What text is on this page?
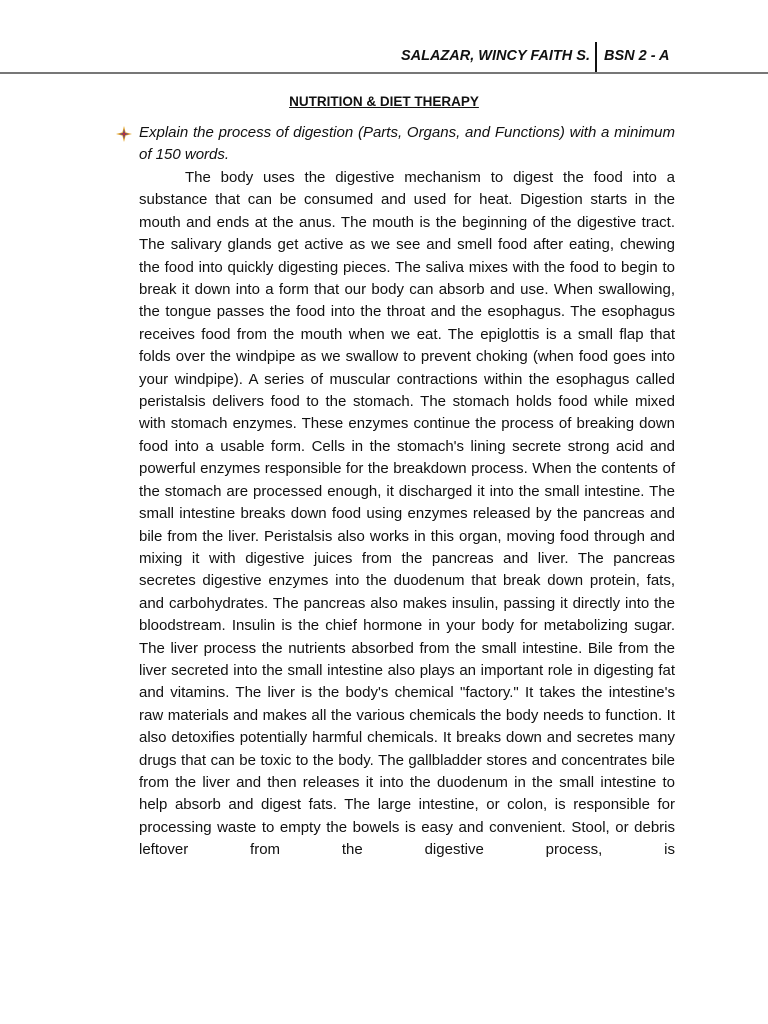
SALAZAR, WINCY FAITH S. BSN 2 - A
NUTRITION & DIET THERAPY

Explain the process of digestion (Parts, Organs, and Functions) with a minimum of 150 words.

The body uses the digestive mechanism to digest the food into a substance that can be consumed and used for heat. Digestion starts in the mouth and ends at the anus. The mouth is the beginning of the digestive tract. The salivary glands get active as we see and smell food after eating, chewing the food into quickly digesting pieces. The saliva mixes with the food to begin to break it down into a form that our body can absorb and use. When swallowing, the tongue passes the food into the throat and the esophagus. The esophagus receives food from the mouth when we eat. The epiglottis is a small flap that folds over the windpipe as we swallow to prevent choking (when food goes into your windpipe). A series of muscular contractions within the esophagus called peristalsis delivers food to the stomach. The stomach holds food while mixed with stomach enzymes. These enzymes continue the process of breaking down food into a usable form. Cells in the stomach's lining secrete strong acid and powerful enzymes responsible for the breakdown process. When the contents of the stomach are processed enough, it discharged it into the small intestine. The small intestine breaks down food using enzymes released by the pancreas and bile from the liver. Peristalsis also works in this organ, moving food through and mixing it with digestive juices from the pancreas and liver. The pancreas secretes digestive enzymes into the duodenum that break down protein, fats, and carbohydrates. The pancreas also makes insulin, passing it directly into the bloodstream. Insulin is the chief hormone in your body for metabolizing sugar. The liver process the nutrients absorbed from the small intestine. Bile from the liver secreted into the small intestine also plays an important role in digesting fat and vitamins. The liver is the body's chemical "factory." It takes the intestine's raw materials and makes all the various chemicals the body needs to function. It also detoxifies potentially harmful chemicals. It breaks down and secretes many drugs that can be toxic to the body. The gallbladder stores and concentrates bile from the liver and then releases it into the duodenum in the small intestine to help absorb and digest fats. The large intestine, or colon, is responsible for processing waste to empty the bowels is easy and convenient. Stool, or debris leftover from the digestive process, is
